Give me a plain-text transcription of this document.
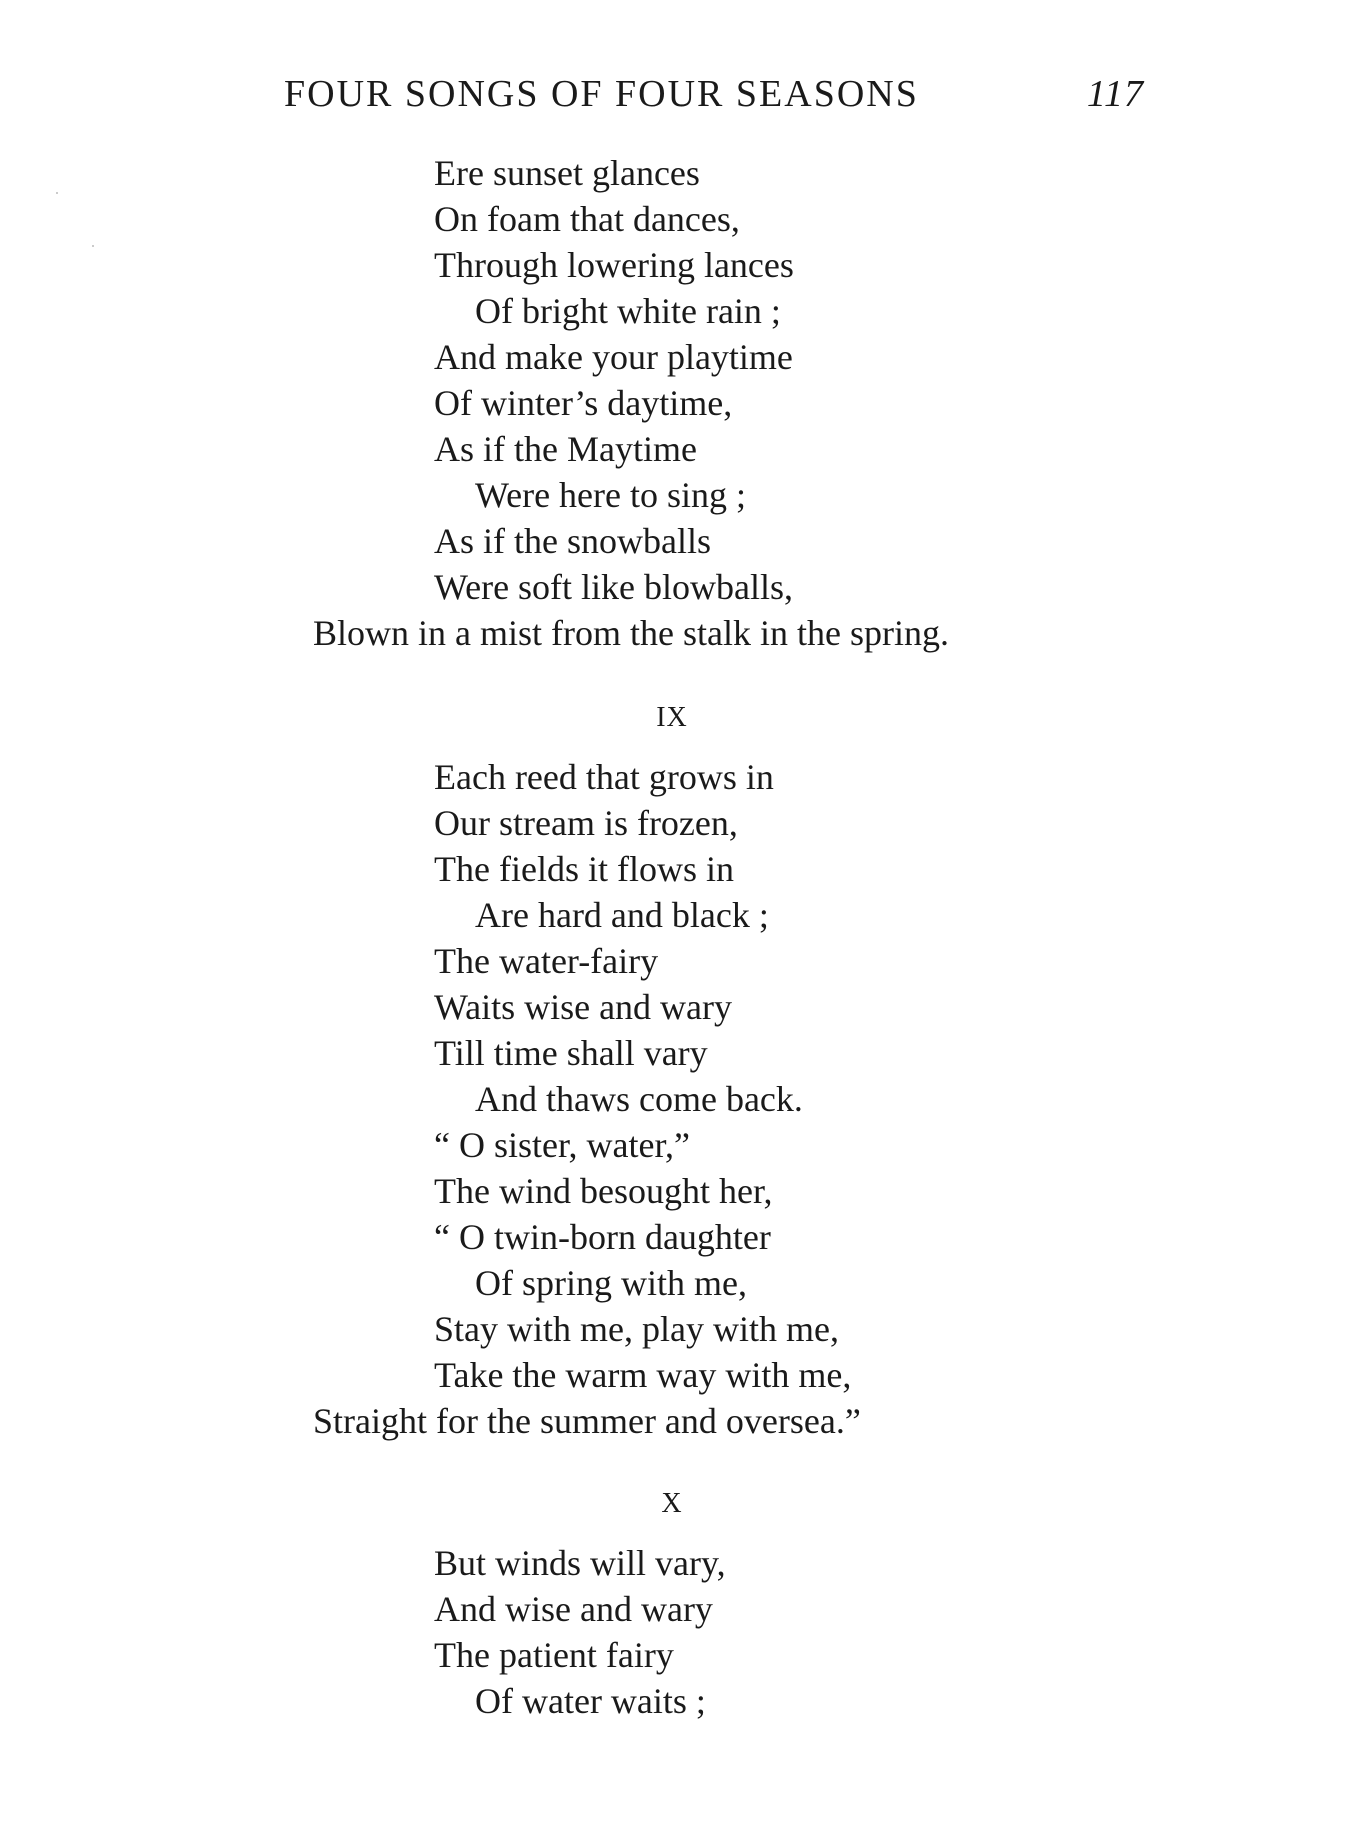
FOUR SONGS OF FOUR SEASONS	117
Ere sunset glances
On foam that dances,
Through lowering lances
Of bright white rain ;
And make your playtime
Of winter’s daytime,
As if the Maytime
Were here to sing ;
As if the snowballs
Were soft like blowballs,
Blown in a mist from the stalk in the spring.
IX
Each reed that grows in
Our stream is frozen,
The fields it flows in
Are hard and black ;
The water-fairy
Waits wise and wary
Till time shall vary
And thaws come back.
“ O sister, water,”
The wind besought her,
“ O twin-born daughter
Of spring with me,
Stay with me, play with me,
Take the warm way with me,
Straight for the summer and oversea.”
X
But winds will vary,
And wise and wary
The patient fairy
Of water waits ;
